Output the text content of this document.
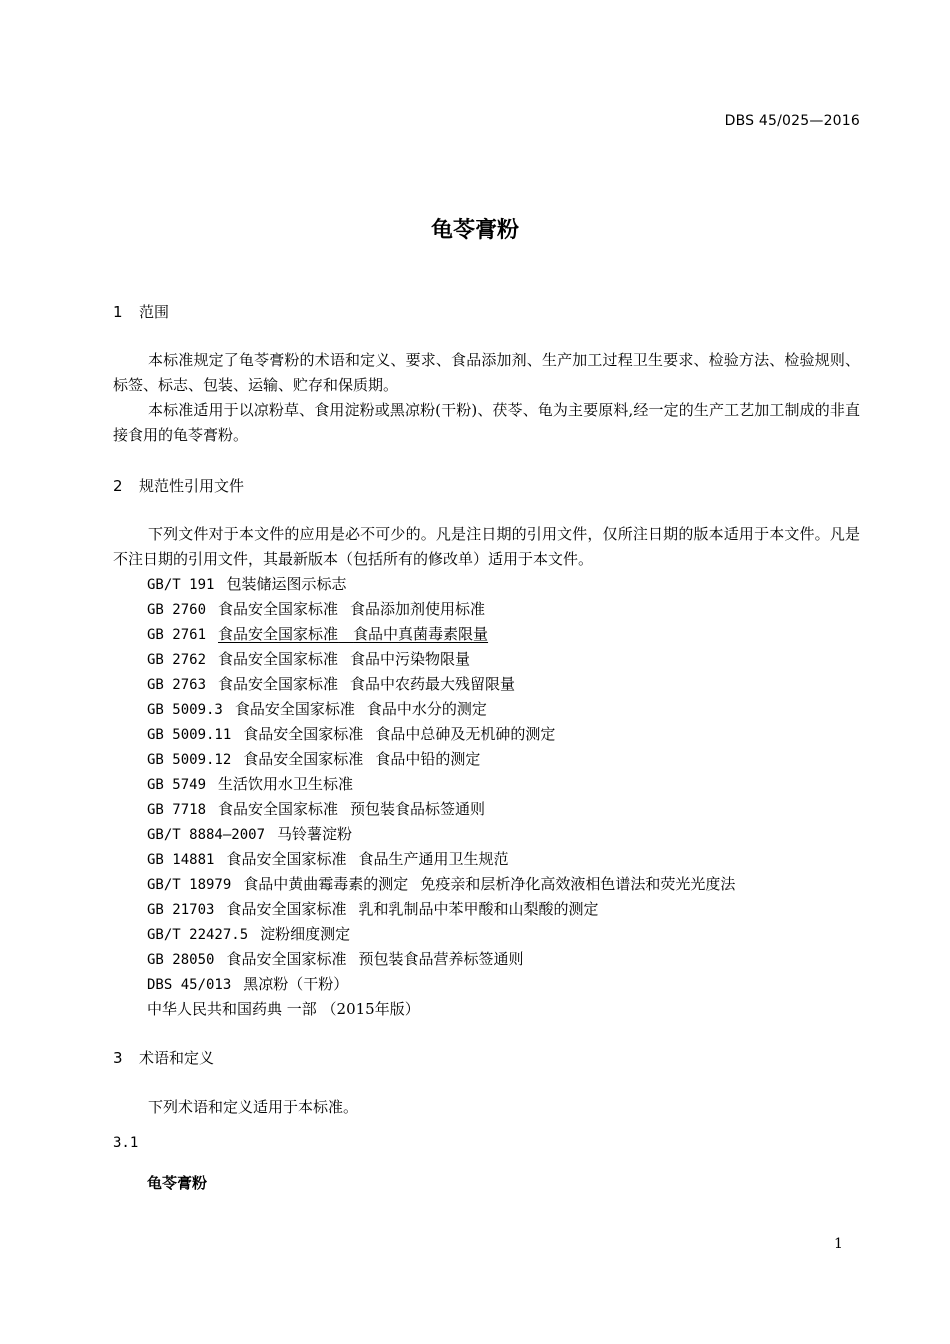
DBS 45/025—2016
龟苓膏粉
1 范围
本标准规定了龟苓膏粉的术语和定义、要求、食品添加剂、生产加工过程卫生要求、检验方法、检验规则、标签、标志、包装、运输、贮存和保质期。
本标准适用于以凉粉草、食用淀粉或黑凉粉(干粉)、茯苓、龟为主要原料,经一定的生产工艺加工制成的非直接食用的龟苓膏粉。
2 规范性引用文件
下列文件对于本文件的应用是必不可少的。凡是注日期的引用文件，仅所注日期的版本适用于本文件。凡是不注日期的引用文件，其最新版本（包括所有的修改单）适用于本文件。
GB/T 191 包装储运图示标志
GB 2760 食品安全国家标准 食品添加剂使用标准
GB 2761 食品安全国家标准　 食品中真菌毒素限量
GB 2762 食品安全国家标准 食品中污染物限量
GB 2763 食品安全国家标准 食品中农药最大残留限量
GB 5009.3 食品安全国家标准 食品中水分的测定
GB 5009.11 食品安全国家标准 食品中总砷及无机砷的测定
GB 5009.12 食品安全国家标准 食品中铅的测定
GB 5749 生活饮用水卫生标准
GB 7718 食品安全国家标准 预包装食品标签通则
GB/T 8884—2007 马铃薯淀粉
GB 14881 食品安全国家标准 食品生产通用卫生规范
GB/T 18979 食品中黄曲霉毒素的测定 免疫亲和层析净化高效液相色谱法和荧光光度法
GB 21703 食品安全国家标准 乳和乳制品中苯甲酸和山梨酸的测定
GB/T 22427.5 淀粉细度测定
GB 28050 食品安全国家标准 预包装食品营养标签通则
DBS 45/013 黑凉粉（干粉）
中华人民共和国药典 一部 （2015年版）
3 术语和定义
下列术语和定义适用于本标准。
3.1
龟苓膏粉
1
